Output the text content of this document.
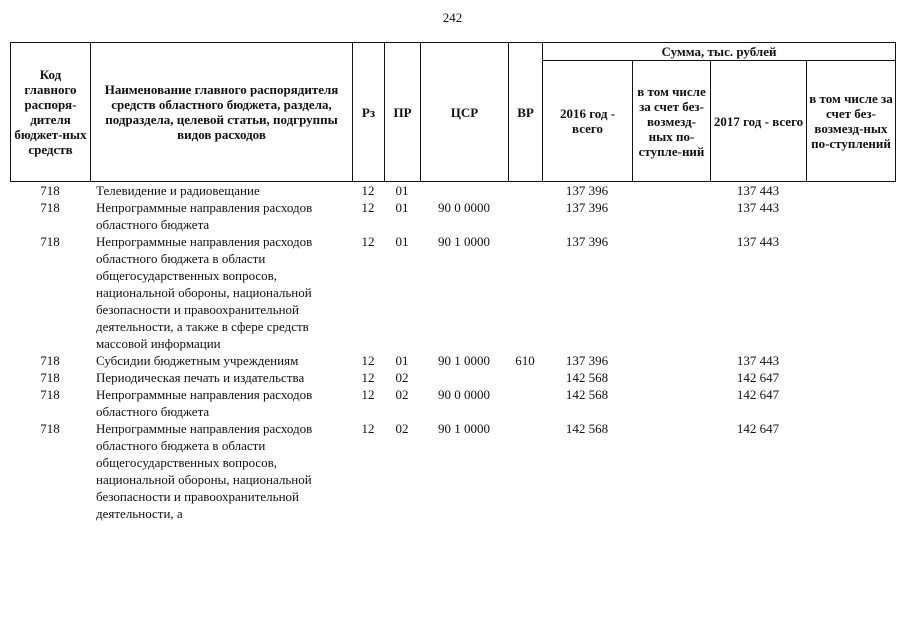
242
Код главного распоря-дителя бюджет-ных средств	Наименование главного распорядителя средств областного бюджета, раздела, подраздела, целевой статьи, подгруппы видов расходов	Рз	ПР	ЦСР	ВР	Сумма, тыс. рублей			
						2016 год - всего	в том числе за счет без-возмезд-ных по-ступле-ний	2017 год - всего	в том числе за счет без-возмезд-ных по-ступлений
718	Телевидение и радиовещание	12	01			137 396		137 443	
718	Непрограммные направления расходов областного бюджета	12	01	90 0 0000		137 396		137 443	
718	Непрограммные направления расходов областного бюджета в области общегосударственных вопросов, национальной обороны, национальной безопасности и правоохранительной деятельности, а также в сфере средств массовой информации	12	01	90 1 0000		137 396		137 443	
718	Субсидии бюджетным учреждениям	12	01	90 1 0000	610	137 396		137 443	
718	Периодическая печать и издательства	12	02			142 568		142 647	
718	Непрограммные направления расходов областного бюджета	12	02	90 0 0000		142 568		142 647	
718	Непрограммные направления расходов областного бюджета в области общегосударственных вопросов, национальной обороны, национальной безопасности и правоохранительной деятельности, а	12	02	90 1 0000		142 568		142 647	
